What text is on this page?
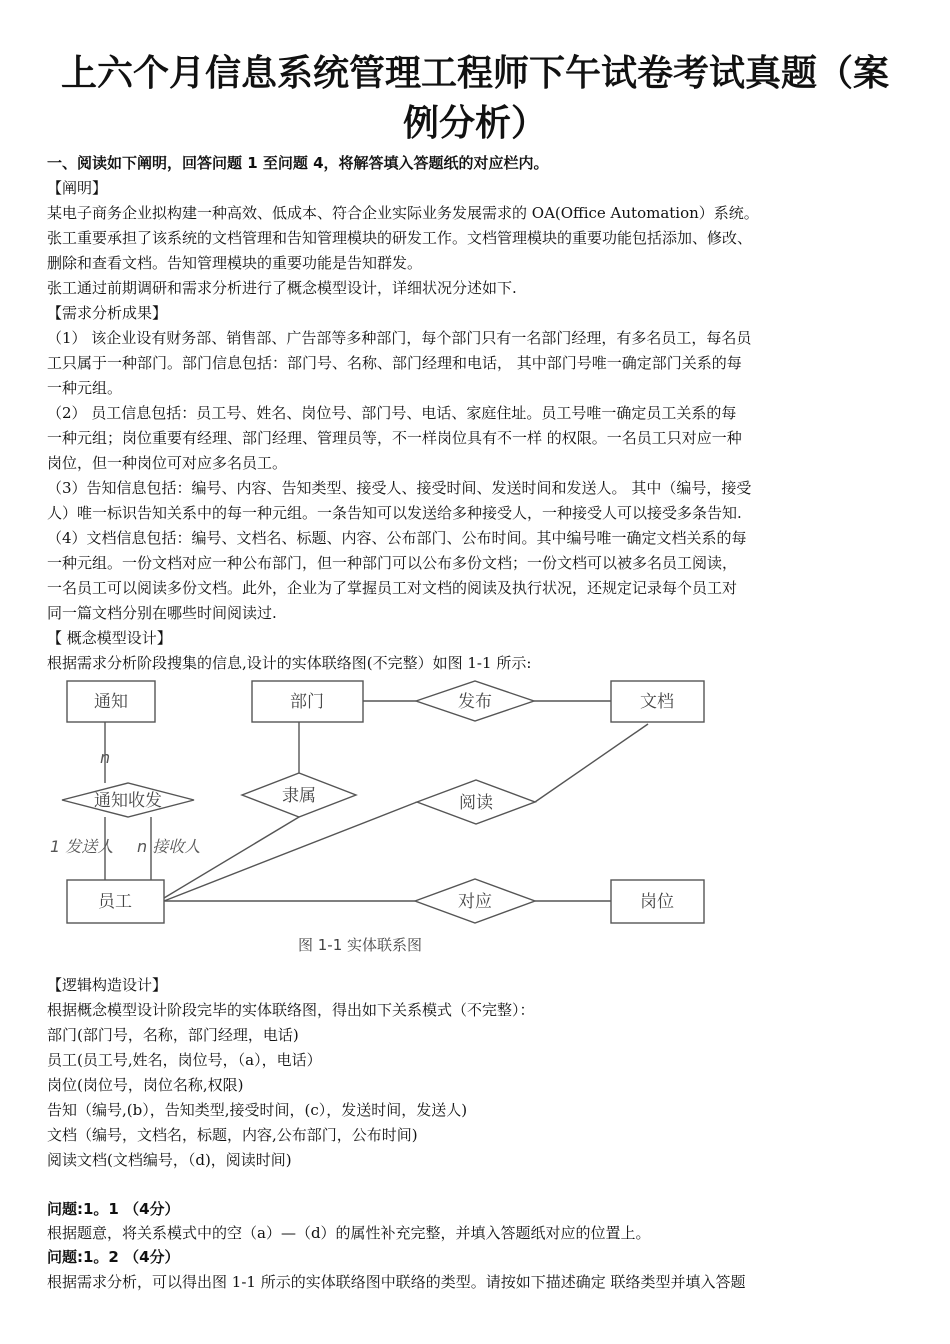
上六个月信息系统管理工程师下午试卷考试真题（案
例分析）
一、阅读如下阐明，回答问题 1 至问题 4，将解答填入答题纸的对应栏内。
【阐明】
某电子商务企业拟构建一种高效、低成本、符合企业实际业务发展需求的 OA(Office Automation）系统。
张工重要承担了该系统的文档管理和告知管理模块的研发工作。文档管理模块的重要功能包括添加、修改、
删除和查看文档。告知管理模块的重要功能是告知群发。
张工通过前期调研和需求分析进行了概念模型设计，详细状况分述如下.
【需求分析成果】
（1） 该企业设有财务部、销售部、广告部等多种部门，每个部门只有一名部门经理，有多名员工，每名员
工只属于一种部门。部门信息包括：部门号、名称、部门经理和电话， 其中部门号唯一确定部门关系的每
一种元组。
（2） 员工信息包括：员工号、姓名、岗位号、部门号、电话、家庭住址。员工号唯一确定员工关系的每
一种元组；岗位重要有经理、部门经理、管理员等，不一样岗位具有不一样 的权限。一名员工只对应一种
岗位，但一种岗位可对应多名员工。
（3）告知信息包括：编号、内容、告知类型、接受人、接受时间、发送时间和发送人。 其中（编号，接受
人）唯一标识告知关系中的每一种元组。一条告知可以发送给多种接受人，一种接受人可以接受多条告知.
（4）文档信息包括：编号、文档名、标题、内容、公布部门、公布时间。其中编号唯一确定文档关系的每
一种元组。一份文档对应一种公布部门，但一种部门可以公布多份文档；一份文档可以被多名员工阅读，
一名员工可以阅读多份文档。此外，企业为了掌握员工对文档的阅读及执行状况，还规定记录每个员工对
同一篇文档分别在哪些时间阅读过.
【 概念模型设计】
根据需求分析阶段搜集的信息,设计的实体联络图(不完整）如图 1-1 所示:
通知	部门	文档
员工	岗位
发布
通知收发	隶属	阅读
对应
n
1 发送人 n 接收人
图 1-1 实体联系图
【逻辑构造设计】
根据概念模型设计阶段完毕的实体联络图，得出如下关系模式（不完整）：
部门(部门号，名称，部门经理，电话)
员工(员工号,姓名，岗位号，（a），电话）
岗位(岗位号，岗位名称,权限)
告知（编号,(b），告知类型,接受时间，(c），发送时间，发送人)
文档（编号，文档名，标题，内容,公布部门，公布时间)
阅读文档(文档编号，（d)，阅读时间)
问题:1。1 （4分）
根据题意，将关系模式中的空（a）—（d）的属性补充完整，并填入答题纸对应的位置上。
问题:1。2 （4分）
根据需求分析，可以得出图 1-1 所示的实体联络图中联络的类型。请按如下描述确定 联络类型并填入答题
